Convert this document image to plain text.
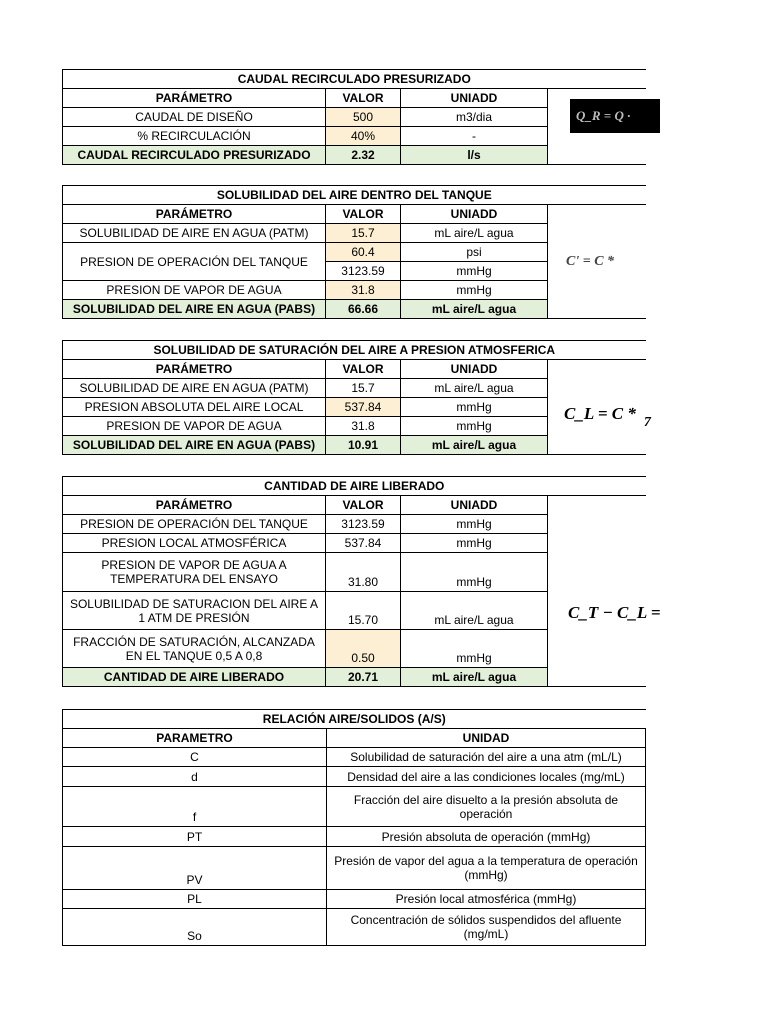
CAUDAL RECIRCULADO PRESURIZADO			
PARÁMETRO	VALOR	UNIADD	Q_R = Q ·

CAUDAL DE DISEÑO	500	m3/dia	
% RECIRCULACIÓN	40%	-	
CAUDAL RECIRCULADO PRESURIZADO	2.32	l/s	
SOLUBILIDAD DEL AIRE DENTRO DEL TANQUE			
PARÁMETRO	VALOR	UNIADD	C' = C *

SOLUBILIDAD DE AIRE EN AGUA (PATM)	15.7	mL aire/L agua	
PRESION DE OPERACIÓN DEL TANQUE	60.4	psi	
	3123.59	mmHg	
PRESION DE VAPOR DE AGUA	31.8	mmHg	
SOLUBILIDAD DEL AIRE EN AGUA (PABS)	66.66	mL aire/L agua	
SOLUBILIDAD DE SATURACIÓN DEL AIRE A PRESION ATMOSFERICA			
PARÁMETRO	VALOR	UNIADD	C_L = C * 7

SOLUBILIDAD DE AIRE EN AGUA (PATM)	15.7	mL aire/L agua	
PRESION ABSOLUTA DEL AIRE LOCAL	537.84	mmHg	
PRESION DE VAPOR DE AGUA	31.8	mmHg	
SOLUBILIDAD DEL AIRE EN AGUA (PABS)	10.91	mL aire/L agua	
CANTIDAD DE AIRE LIBERADO			
PARÁMETRO	VALOR	UNIADD	C_T − C_L =

PRESION DE OPERACIÓN DEL TANQUE	3123.59	mmHg	
PRESION LOCAL ATMOSFÉRICA	537.84	mmHg	
PRESION DE VAPOR DE AGUA A TEMPERATURA DEL ENSAYO	31.80	mmHg	
SOLUBILIDAD DE SATURACION DEL AIRE A 1 ATM DE PRESIÓN	15.70	mL aire/L agua	
FRACCIÓN DE SATURACIÓN, ALCANZADA EN EL TANQUE 0,5 A 0,8	0.50	mmHg	
CANTIDAD DE AIRE LIBERADO	20.71	mL aire/L agua	
RELACIÓN AIRE/SOLIDOS (A/S)	
PARAMETRO	UNIDAD
C	Solubilidad de saturación del aire a una atm (mL/L)
d	Densidad del aire a las condiciones locales (mg/mL)
f	Fracción del aire disuelto a la presión absoluta de operación
PT	Presión absoluta de operación (mmHg)
PV	Presión de vapor del agua a la temperatura de operación (mmHg)
PL	Presión local atmosférica (mmHg)
So	Concentración de sólidos suspendidos del afluente (mg/mL)
